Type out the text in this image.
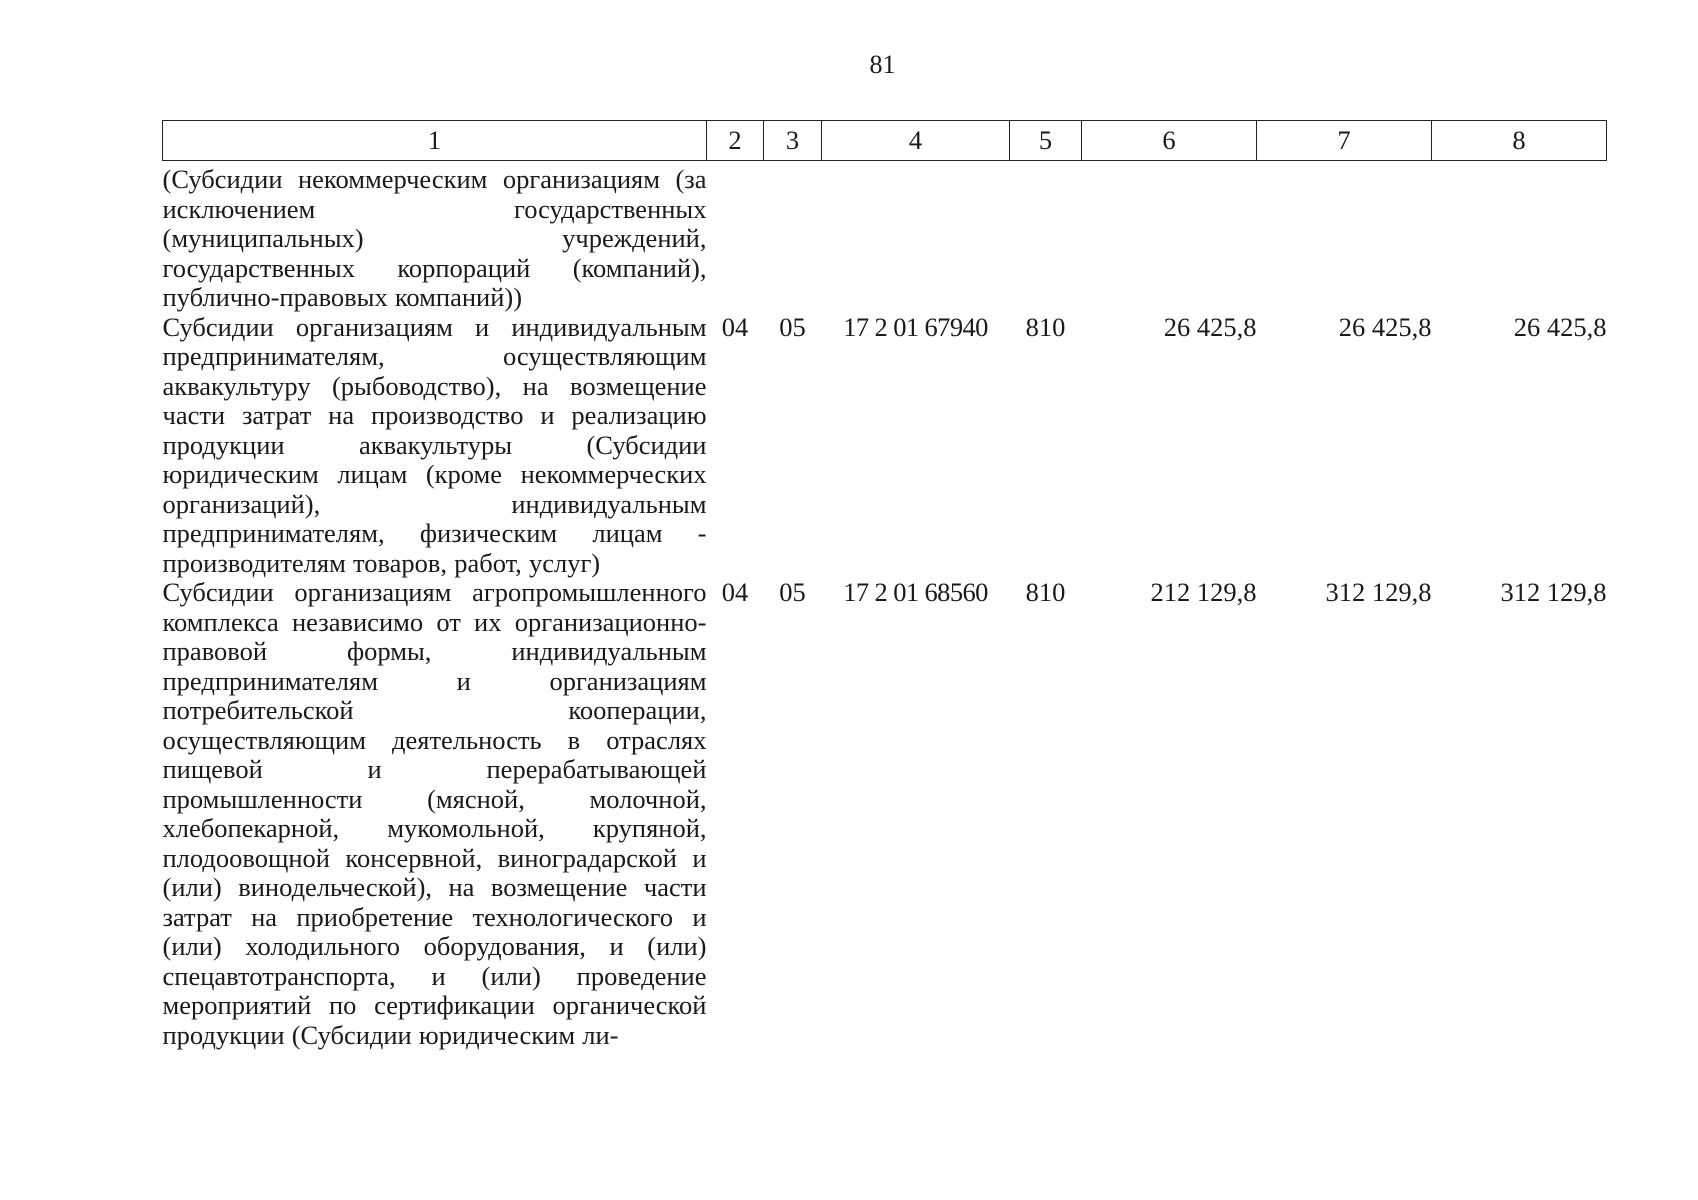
81
1	2	3	4	5	6	7	8
(Субсидии некоммерческим организациям (за исключением государственных (муниципальных) учреждений, государственных корпораций (компаний), публично-правовых компаний))							
Субсидии организациям и индивидуальным предпринимателям, осуществляющим аквакультуру (рыбоводство), на возмещение части затрат на производство и реализацию продукции аквакультуры (Субсидии юридическим лицам (кроме некоммерческих организаций), индивидуальным предпринимателям, физическим лицам - производителям товаров, работ, услуг)	04	05	17 2 01 67940	810	26 425,8	26 425,8	26 425,8
Субсидии организациям агропромышленного комплекса независимо от их организационно-правовой формы, индивидуальным предпринимателям и организациям потребительской кооперации, осуществляющим деятельность в отраслях пищевой и перерабатывающей промышленности (мясной, молочной, хлебопекарной, мукомольной, крупяной, плодоовощной консервной, виноградарской и (или) винодельческой), на возмещение части затрат на приобретение технологического и (или) холодильного оборудования, и (или) спецавтотранспорта, и (или) проведение мероприятий по сертификации органической продукции (Субсидии юридическим ли-	04	05	17 2 01 68560	810	212 129,8	312 129,8	312 129,8
